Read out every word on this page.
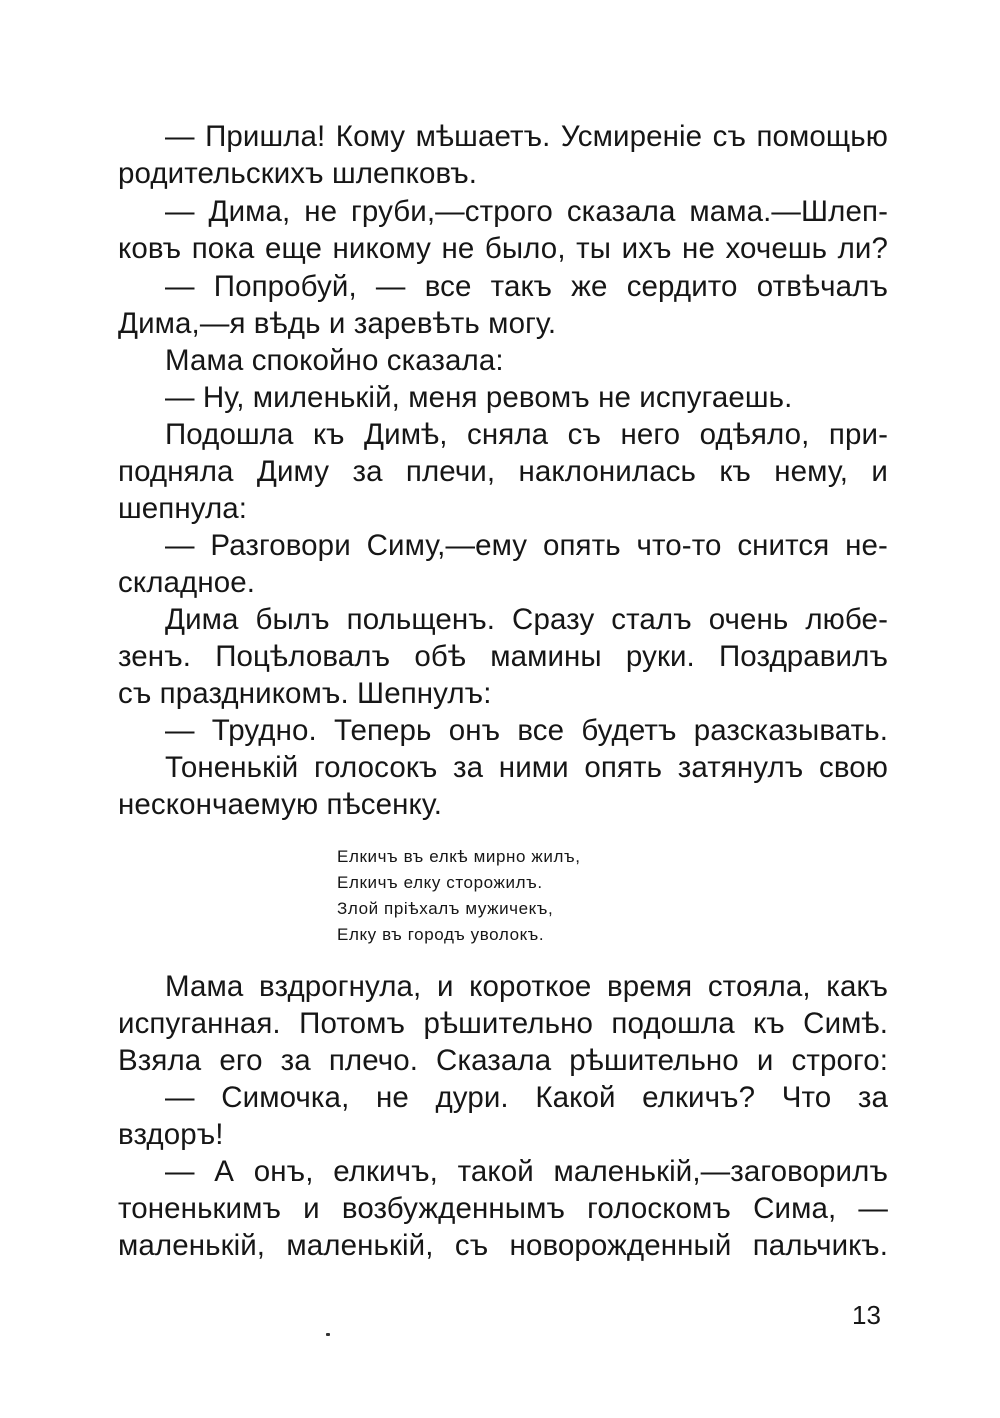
— Пришла! Кому мѣшаетъ. Усмиреніе съ помощью
родительскихъ шлепковъ.
— Дима, не груби,—строго сказала мама.—Шлеп-
ковъ пока еще никому не было, ты ихъ не хочешь ли?
— Попробуй, — все такъ же сердито отвѣчалъ
Дима,—я вѣдь и заревѣть могу.
Мама спокойно сказала:
— Ну, миленькій, меня ревомъ не испугаешь.
Подошла къ Димѣ, сняла съ него одѣяло, при-
подняла Диму за плечи, наклонилась къ нему, и
шепнула:
— Разговори Симу,—ему опять что-то снится не-
складное.
Дима былъ польщенъ. Сразу сталъ очень любе-
зенъ. Поцѣловалъ обѣ мамины руки. Поздравилъ
съ праздникомъ. Шепнулъ:
— Трудно. Теперь онъ все будетъ разсказывать.
Тоненькій голосокъ за ними опять затянулъ свою
нескончаемую пѣсенку.
Елкичъ въ елкѣ мирно жилъ,
Елкичъ елку сторожилъ.
Злой пріѣхалъ мужичекъ,
Елку въ городъ уволокъ.
Мама вздрогнула, и короткое время стояла, какъ
испуганная. Потомъ рѣшительно подошла къ Симѣ.
Взяла его за плечо. Сказала рѣшительно и строго:
— Симочка, не дури. Какой елкичъ? Что за
вздоръ!
— А онъ, елкичъ, такой маленькій,—заговорилъ
тоненькимъ и возбужденнымъ голоскомъ Сима, —
маленькій, маленькій, съ новорожденный пальчикъ.
13
